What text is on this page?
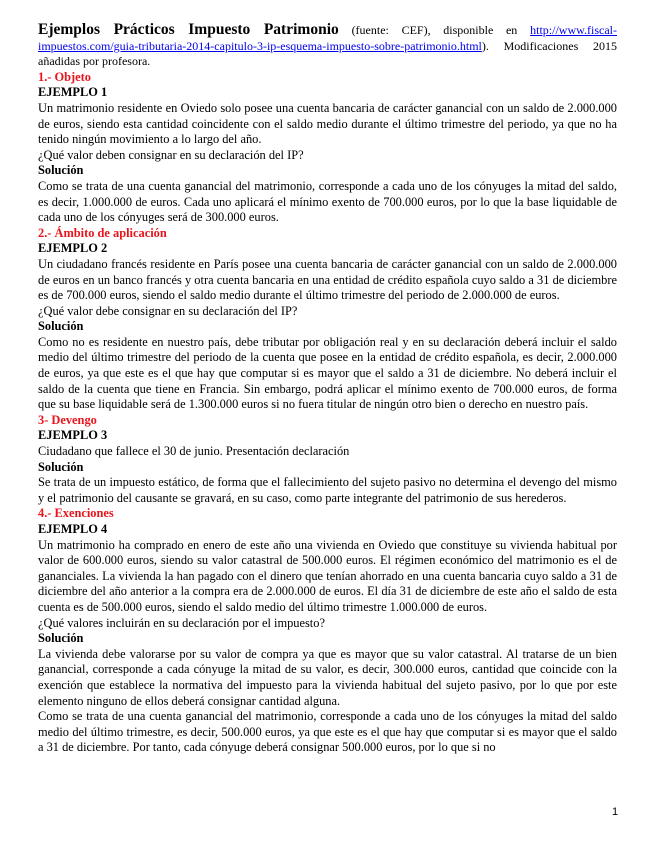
Ejemplos Prácticos Impuesto Patrimonio (fuente: CEF), disponible en http://www.fiscal-impuestos.com/guia-tributaria-2014-capitulo-3-ip-esquema-impuesto-sobre-patrimonio.html). Modificaciones 2015 añadidas por profesora.

1.- Objeto

EJEMPLO 1

Un matrimonio residente en Oviedo solo posee una cuenta bancaria de carácter ganancial con un saldo de 2.000.000 de euros, siendo esta cantidad coincidente con el saldo medio durante el último trimestre del periodo, ya que no ha tenido ningún movimiento a lo largo del año.

¿Qué valor deben consignar en su declaración del IP?

Solución

Como se trata de una cuenta ganancial del matrimonio, corresponde a cada uno de los cónyuges la mitad del saldo, es decir, 1.000.000 de euros. Cada uno aplicará el mínimo exento de 700.000 euros, por lo que la base liquidable de cada uno de los cónyuges será de 300.000 euros.

2.- Ámbito de aplicación

EJEMPLO 2

Un ciudadano francés residente en París posee una cuenta bancaria de carácter ganancial con un saldo de 2.000.000 de euros en un banco francés y otra cuenta bancaria en una entidad de crédito española cuyo saldo a 31 de diciembre es de 700.000 euros, siendo el saldo medio durante el último trimestre del periodo de 2.000.000 de euros.

¿Qué valor debe consignar en su declaración del IP?

Solución

Como no es residente en nuestro país, debe tributar por obligación real y en su declaración deberá incluir el saldo medio del último trimestre del periodo de la cuenta que posee en la entidad de crédito española, es decir, 2.000.000 de euros, ya que este es el que hay que computar si es mayor que el saldo a 31 de diciembre. No deberá incluir el saldo de la cuenta que tiene en Francia. Sin embargo, podrá aplicar el mínimo exento de 700.000 euros, de forma que su base liquidable será de 1.300.000 euros si no fuera titular de ningún otro bien o derecho en nuestro país.

3- Devengo

EJEMPLO 3

Ciudadano que fallece el 30 de junio. Presentación declaración

Solución

Se trata de un impuesto estático, de forma que el fallecimiento del sujeto pasivo no determina el devengo del mismo y el patrimonio del causante se gravará, en su caso, como parte integrante del patrimonio de sus herederos.

4.- Exenciones

EJEMPLO 4

Un matrimonio ha comprado en enero de este año una vivienda en Oviedo que constituye su vivienda habitual por valor de 600.000 euros, siendo su valor catastral de 500.000 euros. El régimen económico del matrimonio es el de gananciales. La vivienda la han pagado con el dinero que tenían ahorrado en una cuenta bancaria cuyo saldo a 31 de diciembre del año anterior a la compra era de 2.000.000 de euros. El día 31 de diciembre de este año el saldo de esta cuenta es de 500.000 euros, siendo el saldo medio del último trimestre 1.000.000 de euros.

¿Qué valores incluirán en su declaración por el impuesto?

Solución

La vivienda debe valorarse por su valor de compra ya que es mayor que su valor catastral. Al tratarse de un bien ganancial, corresponde a cada cónyuge la mitad de su valor, es decir, 300.000 euros, cantidad que coincide con la exención que establece la normativa del impuesto para la vivienda habitual del sujeto pasivo, por lo que por este elemento ninguno de ellos deberá consignar cantidad alguna.

Como se trata de una cuenta ganancial del matrimonio, corresponde a cada uno de los cónyuges la mitad del saldo medio del último trimestre, es decir, 500.000 euros, ya que este es el que hay que computar si es mayor que el saldo a 31 de diciembre. Por tanto, cada cónyuge deberá consignar 500.000 euros, por lo que si no

1
